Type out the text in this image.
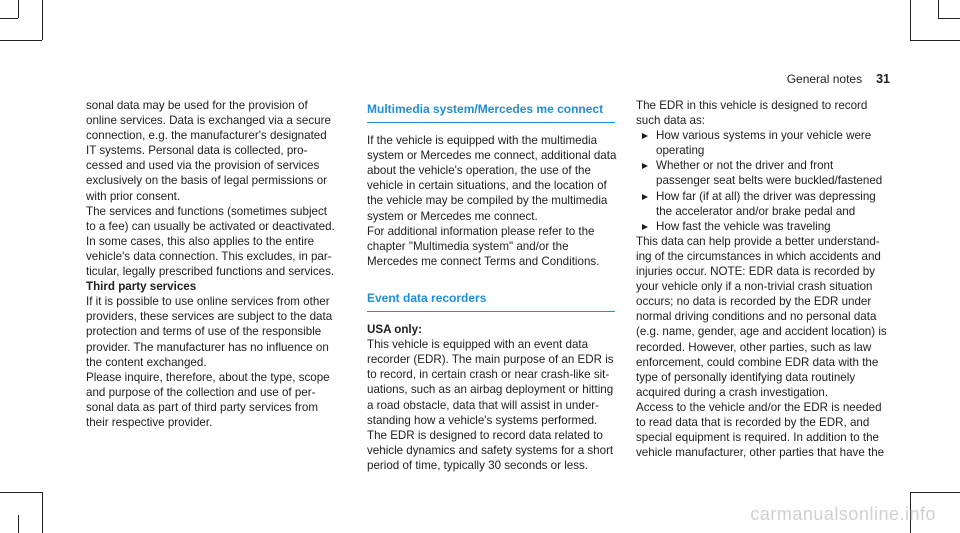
General notes 31

sonal data may be used for the provision of
online services. Data is exchanged via a secure
connection, e.g. the manufacturer's designated
IT systems. Personal data is collected, pro-
cessed and used via the provision of services
exclusively on the basis of legal permissions or
with prior consent.

The services and functions (sometimes subject
to a fee) can usually be activated or deactivated.
In some cases, this also applies to the entire
vehicle's data connection. This excludes, in par-
ticular, legally prescribed functions and services.

Third party services

If it is possible to use online services from other
providers, these services are subject to the data
protection and terms of use of the responsible
provider. The manufacturer has no influence on
the content exchanged.

Please inquire, therefore, about the type, scope
and purpose of the collection and use of per-
sonal data as part of third party services from
their respective provider.

Multimedia system/Mercedes me connect

If the vehicle is equipped with the multimedia
system or Mercedes me connect, additional data
about the vehicle's operation, the use of the
vehicle in certain situations, and the location of
the vehicle may be compiled by the multimedia
system or Mercedes me connect.

For additional information please refer to the
chapter "Multimedia system" and/or the
Mercedes me connect Terms and Conditions.

Event data recorders

USA only:

This vehicle is equipped with an event data
recorder (EDR). The main purpose of an EDR is
to record, in certain crash or near crash-like sit-
uations, such as an airbag deployment or hitting
a road obstacle, data that will assist in under-
standing how a vehicle's systems performed.
The EDR is designed to record data related to
vehicle dynamics and safety systems for a short
period of time, typically 30 seconds or less.

The EDR in this vehicle is designed to record
such data as:

How various systems in your vehicle were
operating
Whether or not the driver and front
passenger seat belts were buckled/fastened
How far (if at all) the driver was depressing
the accelerator and/or brake pedal and
How fast the vehicle was traveling

This data can help provide a better understand-
ing of the circumstances in which accidents and
injuries occur. NOTE: EDR data is recorded by
your vehicle only if a non-trivial crash situation
occurs; no data is recorded by the EDR under
normal driving conditions and no personal data
(e.g. name, gender, age and accident location) is
recorded. However, other parties, such as law
enforcement, could combine EDR data with the
type of personally identifying data routinely
acquired during a crash investigation.

Access to the vehicle and/or the EDR is needed
to read data that is recorded by the EDR, and
special equipment is required. In addition to the
vehicle manufacturer, other parties that have the

carmanualsonline.info
